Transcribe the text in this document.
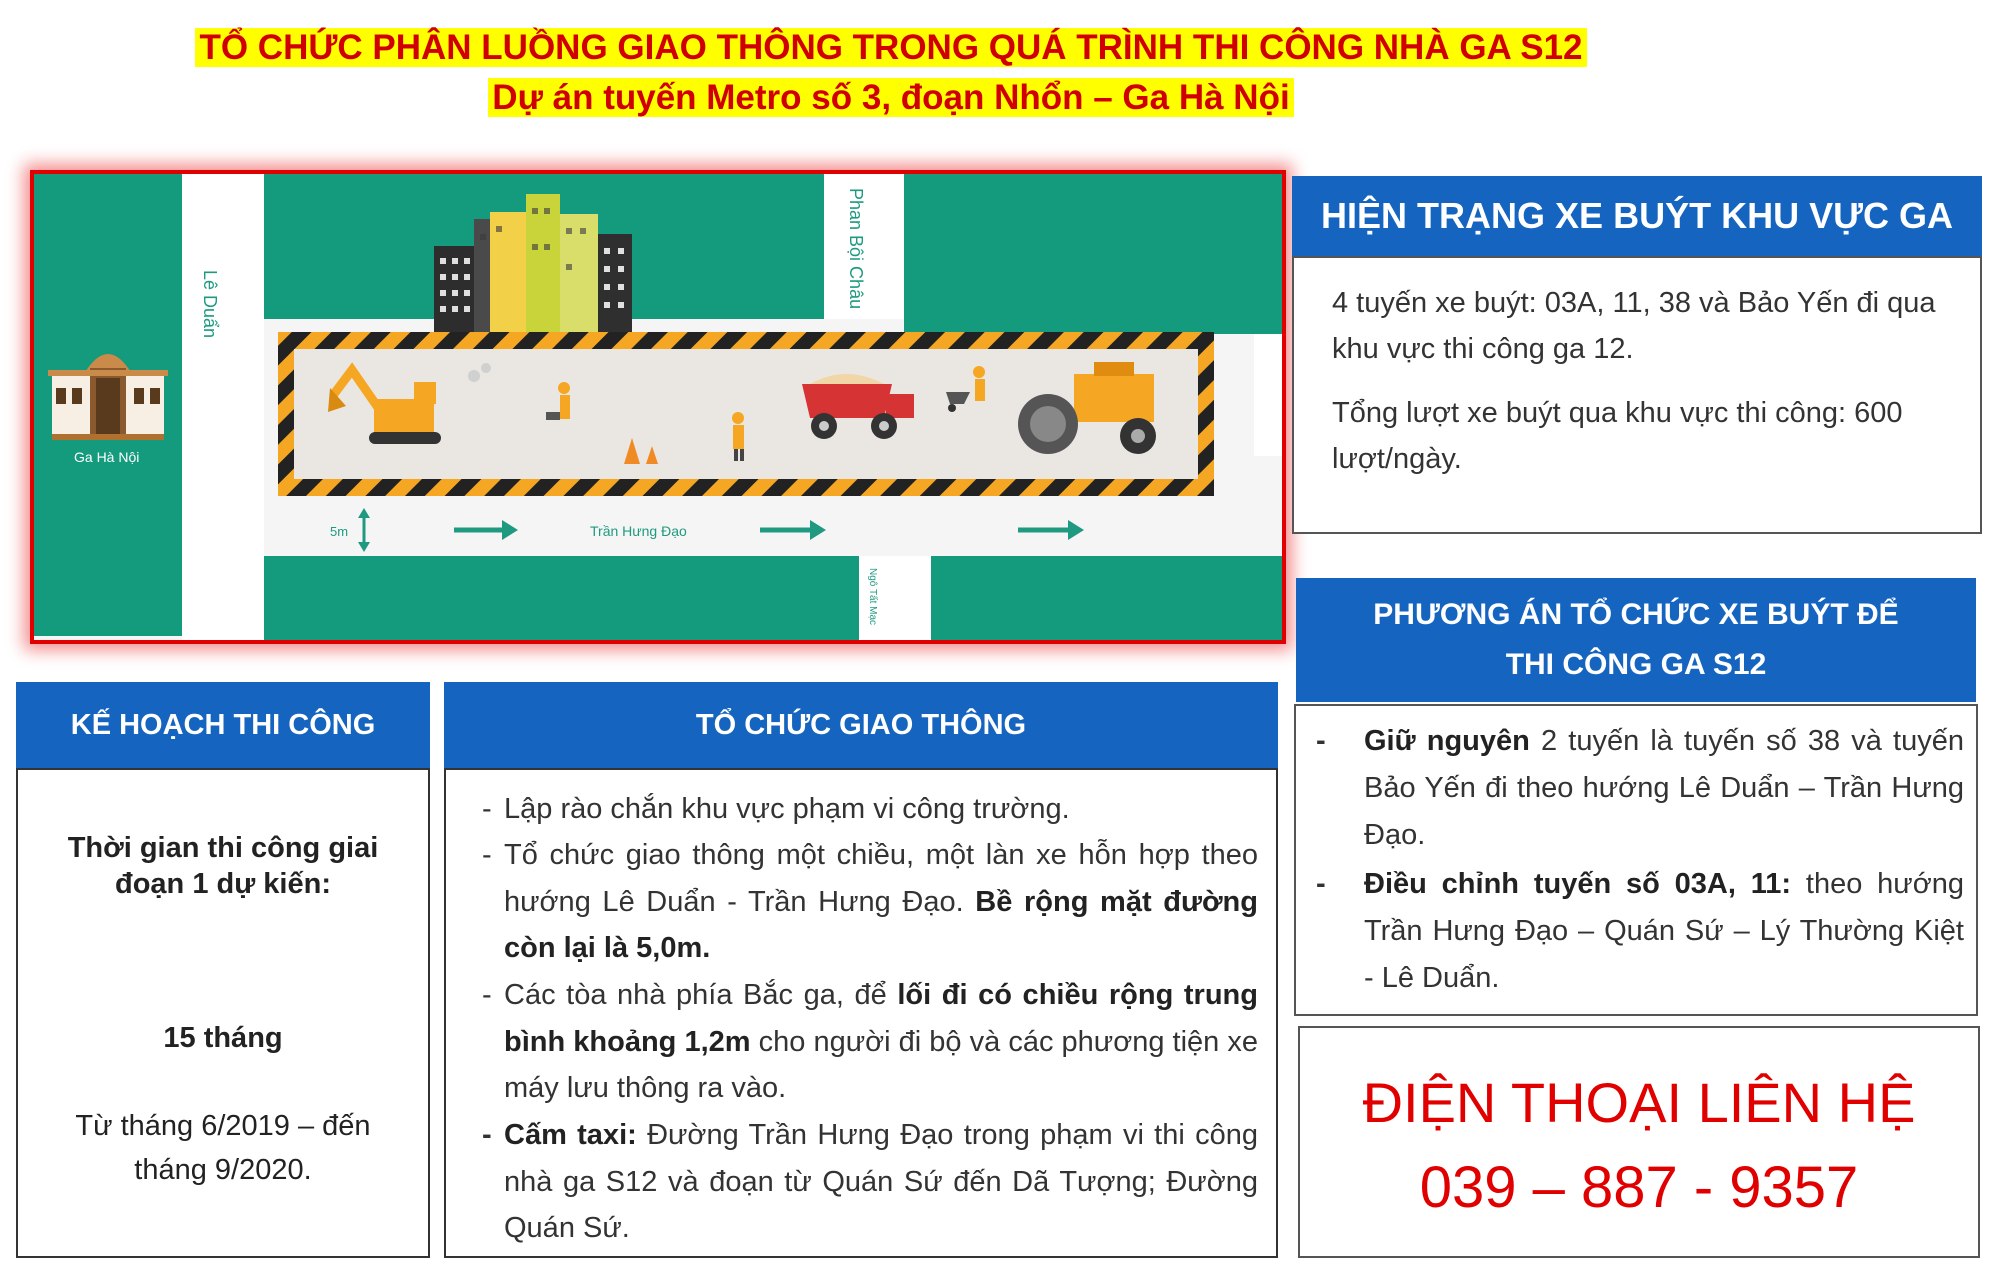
TỔ CHỨC PHÂN LUỒNG GIAO THÔNG TRONG QUÁ TRÌNH THI CÔNG NHÀ GA S12
Dự án tuyến Metro số 3, đoạn Nhổn – Ga Hà Nội
Lê Duẩn	Phan Bội Châu
Ngô Tất Mạc
Trần Hưng Đạo
Ga Hà Nội
5m
HIỆN TRẠNG XE BUÝT KHU VỰC GA

4 tuyến xe buýt: 03A, 11, 38 và Bảo Yến đi qua khu vực thi công ga 12.

Tổng lượt xe buýt qua khu vực thi công: 600 lượt/ngày.

PHƯƠNG ÁN TỔ CHỨC XE BUÝT ĐỂ
THI CÔNG GA S12
- Giữ nguyên 2 tuyến là tuyến số 38 và tuyến Bảo Yến đi theo hướng Lê Duẩn – Trần Hưng Đạo.
- Điều chỉnh tuyến số 03A, 11: theo hướng Trần Hưng Đạo – Quán Sứ – Lý Thường Kiệt - Lê Duẩn.
ĐIỆN THOẠI LIÊN HỆ
039 – 887 - 9357
KẾ HOẠCH THI CÔNG
Thời gian thi công giai
đoạn 1 dự kiến:
15 tháng
Từ tháng 6/2019 – đến
tháng 9/2020.
TỔ CHỨC GIAO THÔNG
- Lập rào chắn khu vực phạm vi công trường.
- Tổ chức giao thông một chiều, một làn xe hỗn hợp theo hướng Lê Duẩn - Trần Hưng Đạo. Bề rộng mặt đường còn lại là 5,0m.
- Các tòa nhà phía Bắc ga, để lối đi có chiều rộng trung bình khoảng 1,2m cho người đi bộ và các phương tiện xe máy lưu thông ra vào.
- Cấm taxi: Đường Trần Hưng Đạo trong phạm vi thi công nhà ga S12 và đoạn từ Quán Sứ đến Dã Tượng; Đường Quán Sứ.
